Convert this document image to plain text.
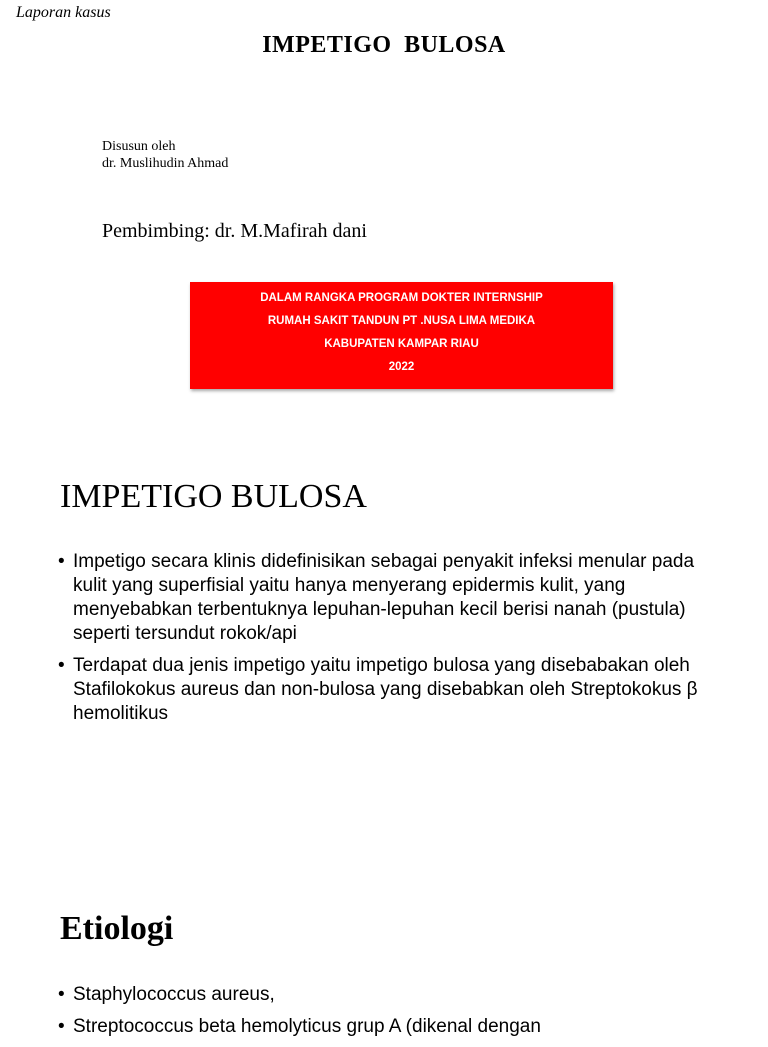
Laporan kasus
IMPETIGO BULOSA
Disusun oleh
dr. Muslihudin Ahmad
Pembimbing: dr. M.Mafirah dani
DALAM RANGKA PROGRAM DOKTER INTERNSHIP
RUMAH SAKIT TANDUN PT .NUSA LIMA MEDIKA
KABUPATEN KAMPAR RIAU
2022
IMPETIGO BULOSA
• Impetigo secara klinis didefinisikan sebagai penyakit infeksi menular pada kulit yang superfisial yaitu hanya menyerang epidermis kulit, yang menyebabkan terbentuknya lepuhan-lepuhan kecil berisi nanah (pustula) seperti tersundut rokok/api
• Terdapat dua jenis impetigo yaitu impetigo bulosa yang disebabakan oleh Stafilokokus aureus dan non-bulosa yang disebabkan oleh Streptokokus β hemolitikus
Etiologi
• Staphylococcus aureus,
• Streptococcus beta hemolyticus grup A (dikenal dengan
